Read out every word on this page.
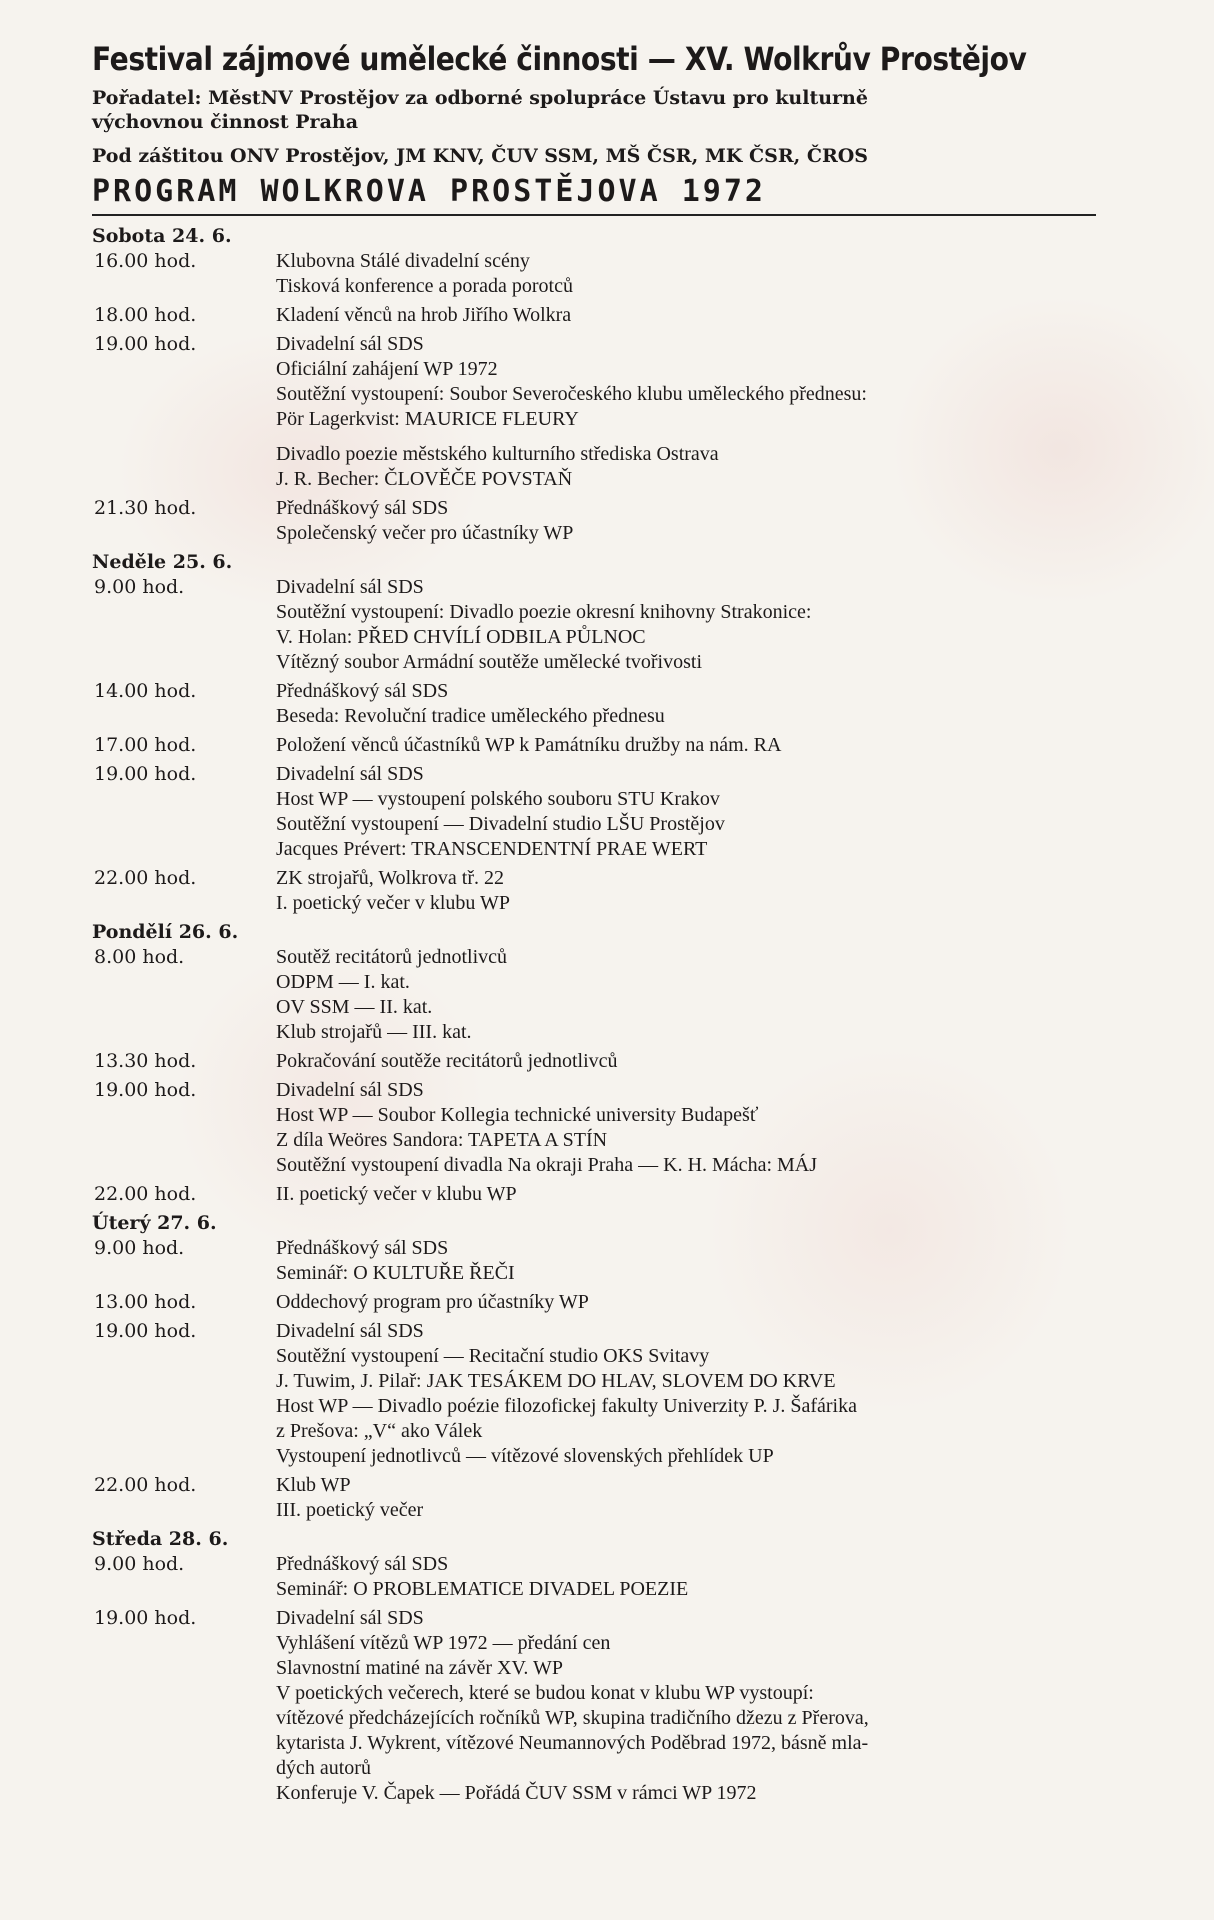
Festival zájmové umělecké činnosti — XV. Wolkrův Prostějov
Pořadatel: MěstNV Prostějov za odborné spolupráce Ústavu pro kulturně
výchovnou činnost Praha
Pod záštitou ONV Prostějov, JM KNV, ČUV SSM, MŠ ČSR, MK ČSR, ČROS
PROGRAM WOLKROVA PROSTĚJOVA 1972
Sobota 24. 6.
16.00 hod.	Klubovna Stálé divadelní scény
Tisková konference a porada porotců
18.00 hod.	Kladení věnců na hrob Jiřího Wolkra
19.00 hod.	Divadelní sál SDS
Oficiální zahájení WP 1972
Soutěžní vystoupení: Soubor Severočeského klubu uměleckého přednesu:
Pör Lagerkvist: MAURICE FLEURY
Divadlo poezie městského kulturního střediska Ostrava
J. R. Becher: ČLOVĚČE POVSTAŇ
21.30 hod.	Přednáškový sál SDS
Společenský večer pro účastníky WP
Neděle 25. 6.
9.00 hod.	Divadelní sál SDS
Soutěžní vystoupení: Divadlo poezie okresní knihovny Strakonice:
V. Holan: PŘED CHVÍLÍ ODBILA PŮLNOC
Vítězný soubor Armádní soutěže umělecké tvořivosti
14.00 hod.	Přednáškový sál SDS
Beseda: Revoluční tradice uměleckého přednesu
17.00 hod.	Položení věnců účastníků WP k Památníku družby na nám. RA
19.00 hod.	Divadelní sál SDS
Host WP — vystoupení polského souboru STU Krakov
Soutěžní vystoupení — Divadelní studio LŠU Prostějov
Jacques Prévert: TRANSCENDENTNÍ PRAE WERT
22.00 hod.	ZK strojařů, Wolkrova tř. 22
I. poetický večer v klubu WP
Pondělí 26. 6.
8.00 hod.	Soutěž recitátorů jednotlivců
ODPM — I. kat.
OV SSM — II. kat.
Klub strojařů — III. kat.
13.30 hod.	Pokračování soutěže recitátorů jednotlivců
19.00 hod.	Divadelní sál SDS
Host WP — Soubor Kollegia technické university Budapešť
Z díla Weöres Sandora: TAPETA A STÍN
Soutěžní vystoupení divadla Na okraji Praha — K. H. Mácha: MÁJ
22.00 hod.	II. poetický večer v klubu WP
Úterý 27. 6.
9.00 hod.	Přednáškový sál SDS
Seminář: O KULTUŘE ŘEČI
13.00 hod.	Oddechový program pro účastníky WP
19.00 hod.	Divadelní sál SDS
Soutěžní vystoupení — Recitační studio OKS Svitavy
J. Tuwim, J. Pilař: JAK TESÁKEM DO HLAV, SLOVEM DO KRVE
Host WP — Divadlo poézie filozofickej fakulty Univerzity P. J. Šafárika
z Prešova: „V“ ako Válek
Vystoupení jednotlivců — vítězové slovenských přehlídek UP
22.00 hod.	Klub WP
III. poetický večer
Středa 28. 6.
9.00 hod.	Přednáškový sál SDS
Seminář: O PROBLEMATICE DIVADEL POEZIE
19.00 hod.	Divadelní sál SDS
Vyhlášení vítězů WP 1972 — předání cen
Slavnostní matiné na závěr XV. WP
V poetických večerech, které se budou konat v klubu WP vystoupí:
vítězové předcházejících ročníků WP, skupina tradičního džezu z Přerova,
kytarista J. Wykrent, vítězové Neumannových Poděbrad 1972, básně mla-
dých autorů
Konferuje V. Čapek — Pořádá ČUV SSM v rámci WP 1972
